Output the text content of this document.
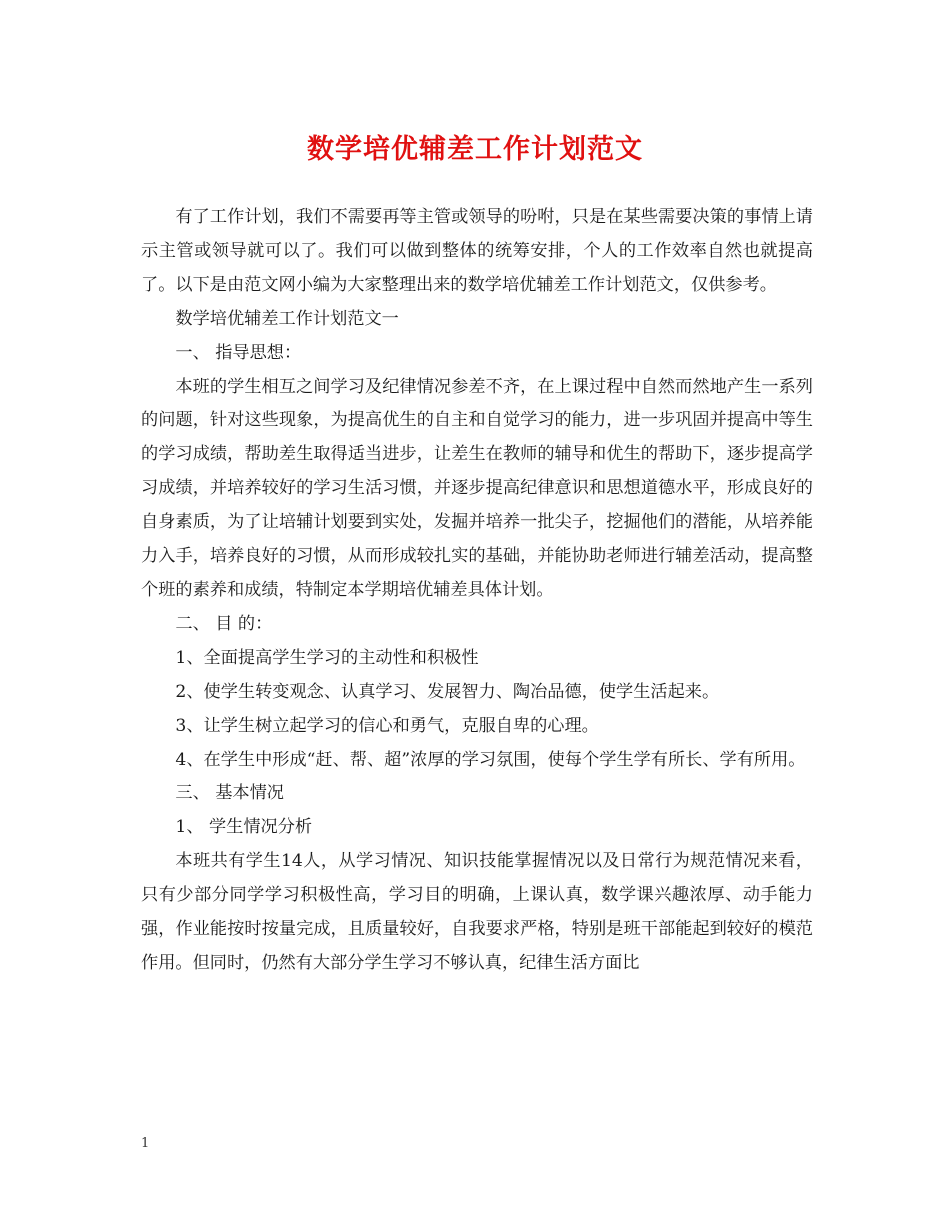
数学培优辅差工作计划范文

有了工作计划，我们不需要再等主管或领导的吩咐，只是在某些需要决策的事情上请示主管或领导就可以了。我们可以做到整体的统筹安排，个人的工作效率自然也就提高了。以下是由范文网小编为大家整理出来的数学培优辅差工作计划范文，仅供参考。

数学培优辅差工作计划范文一

一、 指导思想：

本班的学生相互之间学习及纪律情况参差不齐，在上课过程中自然而然地产生一系列的问题，针对这些现象，为提高优生的自主和自觉学习的能力，进一步巩固并提高中等生的学习成绩，帮助差生取得适当进步，让差生在教师的辅导和优生的帮助下，逐步提高学习成绩，并培养较好的学习生活习惯，并逐步提高纪律意识和思想道德水平，形成良好的自身素质，为了让培辅计划要到实处，发掘并培养一批尖子，挖掘他们的潜能，从培养能力入手，培养良好的习惯，从而形成较扎实的基础，并能协助老师进行辅差活动，提高整个班的素养和成绩，特制定本学期培优辅差具体计划。

二、 目 的：

1、全面提高学生学习的主动性和积极性

2、使学生转变观念、认真学习、发展智力、陶冶品德，使学生活起来。

3、让学生树立起学习的信心和勇气，克服自卑的心理。

4、在学生中形成“赶、帮、超”浓厚的学习氛围，使每个学生学有所长、学有所用。

三、 基本情况

1、 学生情况分析

本班共有学生14人，从学习情况、知识技能掌握情况以及日常行为规范情况来看，只有少部分同学学习积极性高，学习目的明确，上课认真，数学课兴趣浓厚、动手能力强，作业能按时按量完成，且质量较好，自我要求严格，特别是班干部能起到较好的模范作用。但同时，仍然有大部分学生学习不够认真，纪律生活方面比

1
